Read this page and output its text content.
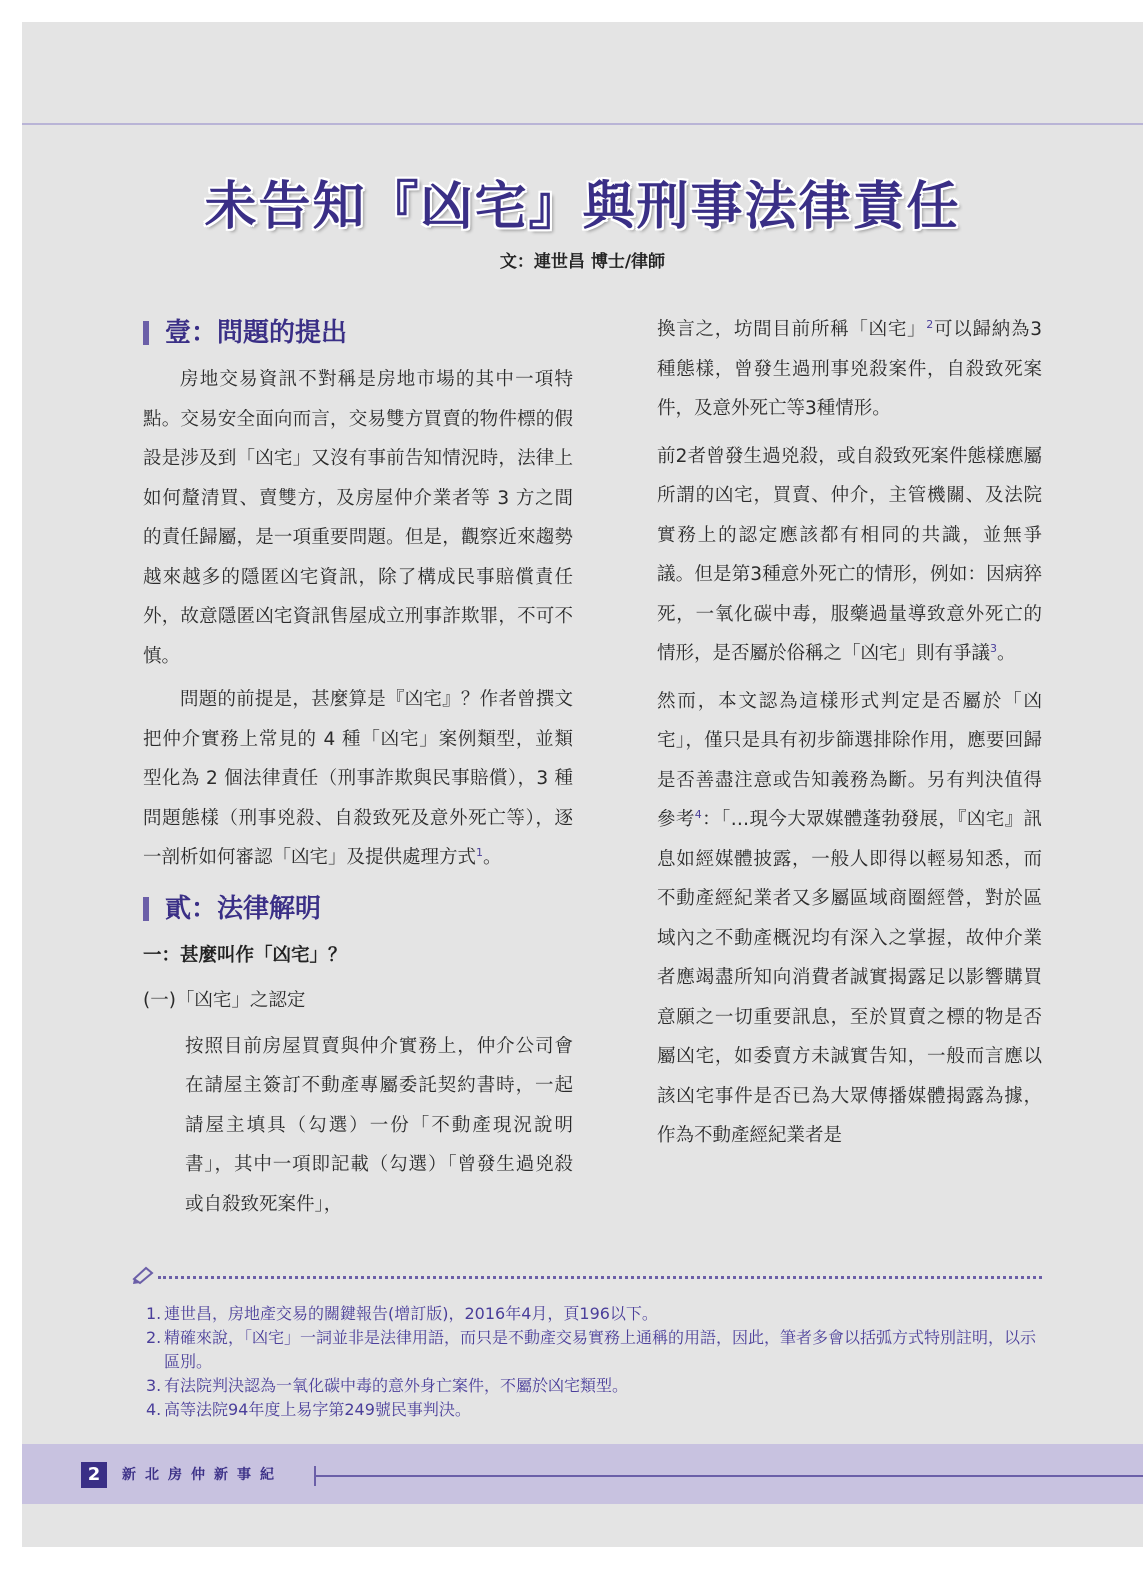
未告知『凶宅』與刑事法律責任
文：連世昌 博士/律師
壹：問題的提出

房地交易資訊不對稱是房地市場的其中一項特點。交易安全面向而言，交易雙方買賣的物件標的假設是涉及到「凶宅」又沒有事前告知情況時，法律上如何釐清買、賣雙方，及房屋仲介業者等 3 方之間的責任歸屬，是一項重要問題。但是，觀察近來趨勢越來越多的隱匿凶宅資訊，除了構成民事賠償責任外，故意隱匿凶宅資訊售屋成立刑事詐欺罪，不可不慎。

問題的前提是，甚麼算是『凶宅』？作者曾撰文把仲介實務上常見的 4 種「凶宅」案例類型，並類型化為 2 個法律責任（刑事詐欺與民事賠償），3 種問題態樣（刑事兇殺、自殺致死及意外死亡等），逐一剖析如何審認「凶宅」及提供處理方式$^1$。

貳：法律解明
一：甚麼叫作「凶宅」？
(一)「凶宅」之認定

按照目前房屋買賣與仲介實務上，仲介公司會在請屋主簽訂不動產專屬委託契約書時，一起請屋主填具（勾選）一份「不動產現況說明書」，其中一項即記載（勾選）「曾發生過兇殺或自殺致死案件」，

換言之，坊間目前所稱「凶宅」$^2$可以歸納為3種態樣，曾發生過刑事兇殺案件，自殺致死案件，及意外死亡等3種情形。

前2者曾發生過兇殺，或自殺致死案件態樣應屬所謂的凶宅，買賣、仲介，主管機關、及法院實務上的認定應該都有相同的共識，並無爭議。但是第3種意外死亡的情形，例如：因病猝死，一氧化碳中毒，服藥過量導致意外死亡的情形，是否屬於俗稱之「凶宅」則有爭議$^3$。

然而，本文認為這樣形式判定是否屬於「凶宅」，僅只是具有初步篩選排除作用，應要回歸是否善盡注意或告知義務為斷。另有判決值得參考$^4$：「…現今大眾媒體蓬勃發展，『凶宅』訊息如經媒體披露，一般人即得以輕易知悉，而不動產經紀業者又多屬區域商圈經營，對於區域內之不動產概況均有深入之掌握，故仲介業者應竭盡所知向消費者誠實揭露足以影響購買意願之一切重要訊息，至於買賣之標的物是否屬凶宅，如委賣方未誠實告知，一般而言應以該凶宅事件是否已為大眾傳播媒體揭露為據，作為不動產經紀業者是

1. 連世昌，房地產交易的關鍵報告(增訂版)，2016年4月，頁196以下。
2. 精確來說，「凶宅」一詞並非是法律用語，而只是不動產交易實務上通稱的用語，因此，筆者多會以括弧方式特別註明，以示區別。
3. 有法院判決認為一氧化碳中毒的意外身亡案件，不屬於凶宅類型。
4. 高等法院94年度上易字第249號民事判決。
2	新北房仲新事紀
